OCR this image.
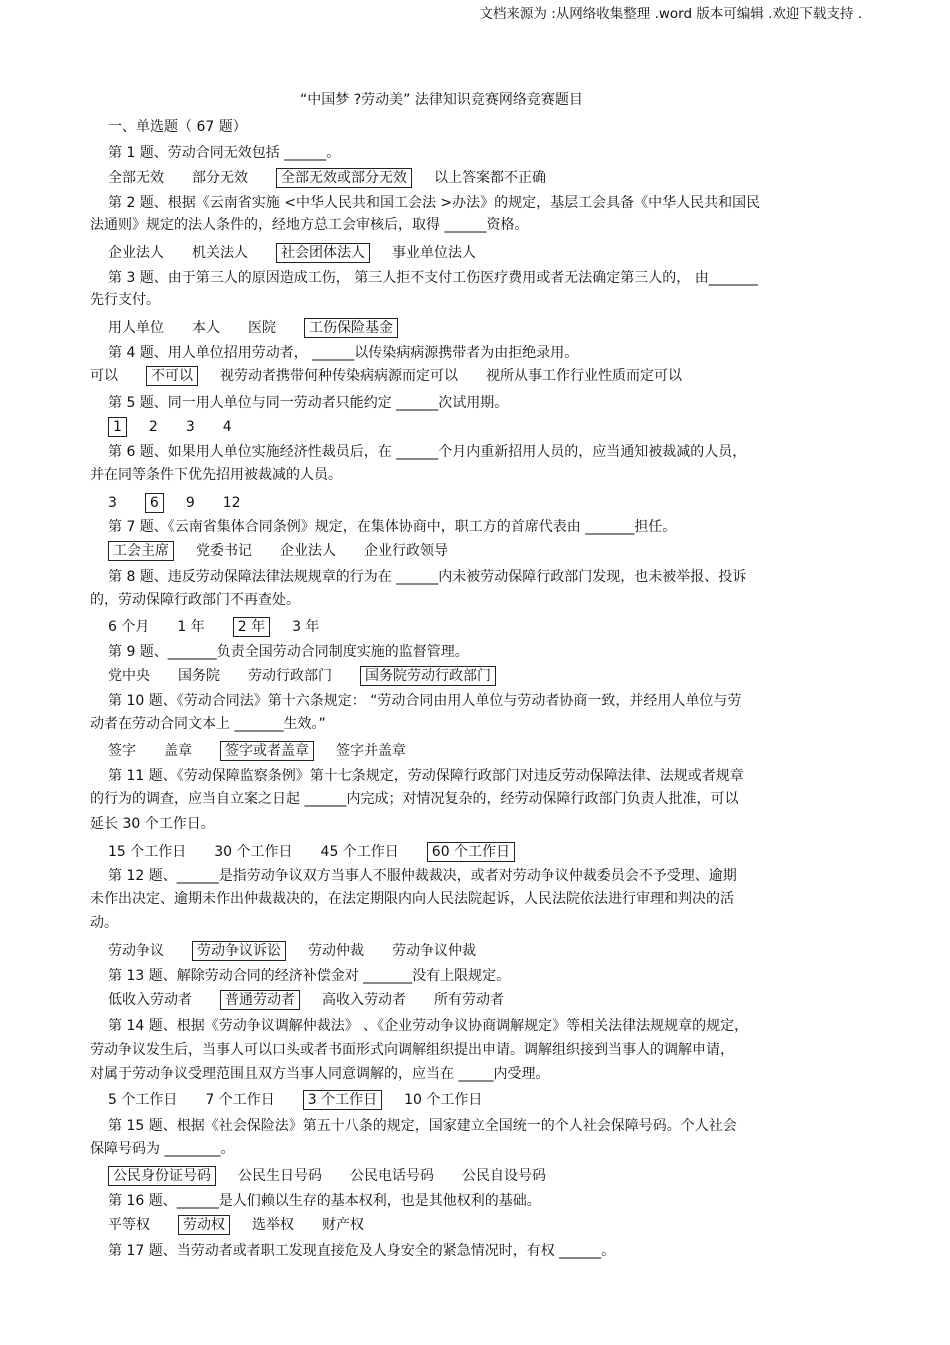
文档来源为 :从网络收集整理 .word 版本可编辑 .欢迎下载支持 .
“中国梦 ?劳动美” 法律知识竞赛网络竞赛题目
一、单选题（ 67 题）
第 1 题、劳动合同无效包括 ______。
全部无效 部分无效 全部无效或部分无效 以上答案都不正确
第 2 题、根据《云南省实施 <中华人民共和国工会法 >办法》的规定，基层工会具备《中华人民共和国民
法通则》规定的法人条件的，经地方总工会审核后，取得 ______资格。
企业法人 机关法人 社会团体法人 事业单位法人
第 3 题、由于第三人的原因造成工伤， 第三人拒不支付工伤医疗费用或者无法确定第三人的， 由_______
先行支付。
用人单位 本人 医院 工伤保险基金
第 4 题、用人单位招用劳动者， ______以传染病病源携带者为由拒绝录用。
可以 不可以 视劳动者携带何种传染病病源而定可以 视所从事工作行业性质而定可以
第 5 题、同一用人单位与同一劳动者只能约定 ______次试用期。
1 2 3 4
第 6 题、如果用人单位实施经济性裁员后，在 ______个月内重新招用人员的，应当通知被裁减的人员，
并在同等条件下优先招用被裁减的人员。
3 6 9 12
第 7 题、《云南省集体合同条例》规定，在集体协商中，职工方的首席代表由 _______担任。
工会主席 党委书记 企业法人 企业行政领导
第 8 题、违反劳动保障法律法规规章的行为在 ______内未被劳动保障行政部门发现，也未被举报、投诉
的，劳动保障行政部门不再查处。
6 个月 1 年 2 年 3 年
第 9 题、_______负责全国劳动合同制度实施的监督管理。
党中央 国务院 劳动行政部门 国务院劳动行政部门
第 10 题、《劳动合同法》第十六条规定： “劳动合同由用人单位与劳动者协商一致，并经用人单位与劳
动者在劳动合同文本上 _______生效。”
签字 盖章 签字或者盖章 签字并盖章
第 11 题、《劳动保障监察条例》第十七条规定，劳动保障行政部门对违反劳动保障法律、法规或者规章
的行为的调查，应当自立案之日起 ______内完成；对情况复杂的，经劳动保障行政部门负责人批准，可以
延长 30 个工作日。
15 个工作日 30 个工作日 45 个工作日 60 个工作日
第 12 题、______是指劳动争议双方当事人不服仲裁裁决，或者对劳动争议仲裁委员会不予受理、逾期
未作出决定、逾期未作出仲裁裁决的，在法定期限内向人民法院起诉，人民法院依法进行审理和判决的活
动。
劳动争议 劳动争议诉讼 劳动仲裁 劳动争议仲裁
第 13 题、解除劳动合同的经济补偿金对 _______没有上限规定。
低收入劳动者 普通劳动者 高收入劳动者 所有劳动者
第 14 题、根据《劳动争议调解仲裁法》 、《企业劳动争议协商调解规定》等相关法律法规规章的规定，
劳动争议发生后，当事人可以口头或者书面形式向调解组织提出申请。调解组织接到当事人的调解申请，
对属于劳动争议受理范围且双方当事人同意调解的，应当在 _____内受理。
5 个工作日 7 个工作日 3 个工作日 10 个工作日
第 15 题、根据《社会保险法》第五十八条的规定，国家建立全国统一的个人社会保障号码。个人社会
保障号码为 ________。
公民身份证号码 公民生日号码 公民电话号码 公民自设号码
第 16 题、______是人们赖以生存的基本权利，也是其他权利的基础。
平等权 劳动权 选举权 财产权
第 17 题、当劳动者或者职工发现直接危及人身安全的紧急情况时，有权 ______。
